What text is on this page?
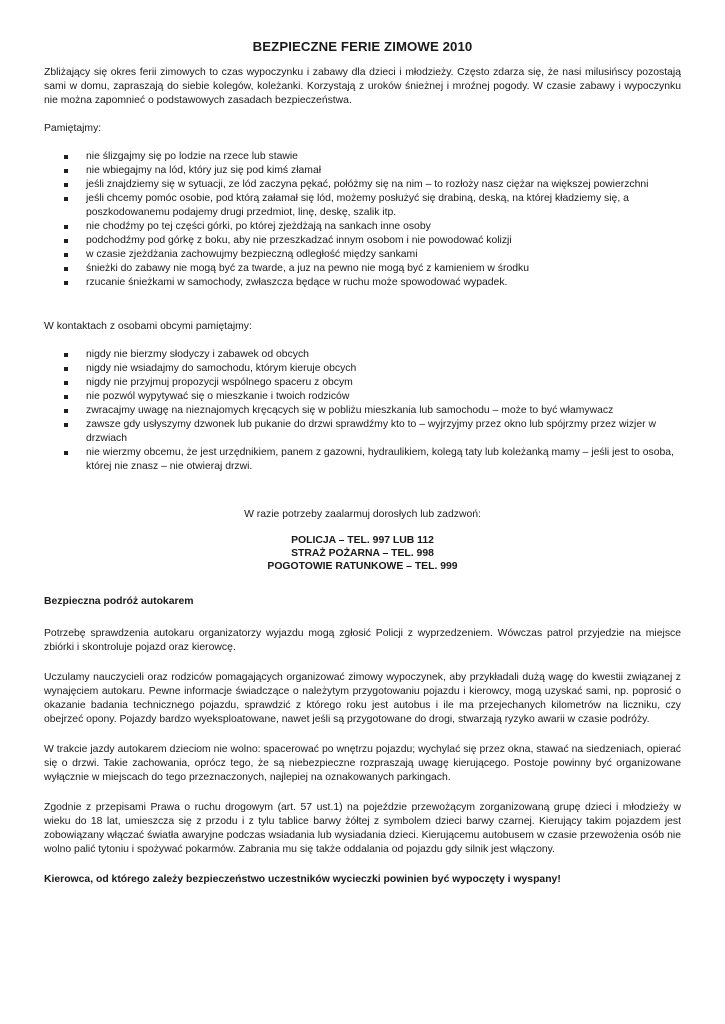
BEZPIECZNE FERIE ZIMOWE 2010

Zbliżający się okres ferii zimowych to czas wypoczynku i zabawy dla dzieci i młodzieży. Często zdarza się, że nasi milusińscy pozostają sami w domu, zapraszają do siebie kolegów, koleżanki. Korzystają z uroków śnieżnej i mroźnej pogody. W czasie zabawy i wypoczynku nie można zapomnieć o podstawowych zasadach bezpieczeństwa.

Pamiętajmy:

nie ślizgajmy się po lodzie na rzece lub stawie
nie wbiegajmy na lód, który juz się pod kimś złamał
jeśli znajdziemy się w sytuacji, ze lód zaczyna pękać, połóżmy się na nim – to rozłoży nasz ciężar na większej powierzchni
jeśli chcemy pomóc osobie, pod którą załamał się lód, możemy posłużyć się drabiną, deską, na której kładziemy się, a poszkodowanemu podajemy drugi przedmiot, linę, deskę, szalik itp.
nie chodźmy po tej części górki, po której zjeżdżają na sankach inne osoby
podchodźmy pod górkę z boku, aby nie przeszkadzać innym osobom i nie powodować kolizji
w czasie zjeżdżania zachowujmy bezpieczną odległość między sankami
śnieżki do zabawy nie mogą być za twarde, a juz na pewno nie mogą być z kamieniem w środku
rzucanie śnieżkami w samochody, zwłaszcza będące w ruchu może spowodować wypadek.

W kontaktach z osobami obcymi pamiętajmy:

nigdy nie bierzmy słodyczy i zabawek od obcych
nigdy nie wsiadajmy do samochodu, którym kieruje obcych
nigdy nie przyjmuj propozycji wspólnego spaceru z obcym
nie pozwól wypytywać się o mieszkanie i twoich rodziców
zwracajmy uwagę na nieznajomych kręcących się w pobliżu mieszkania lub samochodu – może to być włamywacz
zawsze gdy usłyszymy dzwonek lub pukanie do drzwi sprawdźmy kto to – wyjrzyjmy przez okno lub spójrzmy przez wizjer w drzwiach
nie wierzmy obcemu, że jest urzędnikiem, panem z gazowni, hydraulikiem, kolegą taty lub koleżanką mamy – jeśli jest to osoba, której nie znasz – nie otwieraj drzwi.

W razie potrzeby zaalarmuj dorosłych lub zadzwoń:

POLICJA – TEL. 997 LUB 112
STRAŻ POŻARNA – TEL. 998
POGOTOWIE RATUNKOWE – TEL. 999

Bezpieczna podróż autokarem

Potrzebę sprawdzenia autokaru organizatorzy wyjazdu mogą zgłosić Policji z wyprzedzeniem. Wówczas patrol przyjedzie na miejsce zbiórki i skontroluje pojazd oraz kierowcę.

Uczulamy nauczycieli oraz rodziców pomagających organizować zimowy wypoczynek, aby przykładali dużą wagę do kwestii związanej z wynajęciem autokaru. Pewne informacje świadczące o należytym przygotowaniu pojazdu i kierowcy, mogą uzyskać sami, np. poprosić o okazanie badania technicznego pojazdu, sprawdzić z którego roku jest autobus i ile ma przejechanych kilometrów na liczniku, czy obejrzeć opony. Pojazdy bardzo wyeksploatowane, nawet jeśli są przygotowane do drogi, stwarzają ryzyko awarii w czasie podróży.

W trakcie jazdy autokarem dzieciom nie wolno: spacerować po wnętrzu pojazdu; wychylać się przez okna, stawać na siedzeniach, opierać się o drzwi. Takie zachowania, oprócz tego, że są niebezpieczne rozpraszają uwagę kierującego. Postoje powinny być organizowane wyłącznie w miejscach do tego przeznaczonych, najlepiej na oznakowanych parkingach.

Zgodnie z przepisami Prawa o ruchu drogowym (art. 57 ust.1) na pojeździe przewożącym zorganizowaną grupę dzieci i młodzieży w wieku do 18 lat, umieszcza się z przodu i z tylu tablice barwy żółtej z symbolem dzieci barwy czarnej. Kierujący takim pojazdem jest zobowiązany włączać światła awaryjne podczas wsiadania lub wysiadania dzieci. Kierującemu autobusem w czasie przewożenia osób nie wolno palić tytoniu i spożywać pokarmów. Zabrania mu się także oddalania od pojazdu gdy silnik jest włączony.

Kierowca, od którego zależy bezpieczeństwo uczestników wycieczki powinien być wypoczęty i wyspany!
